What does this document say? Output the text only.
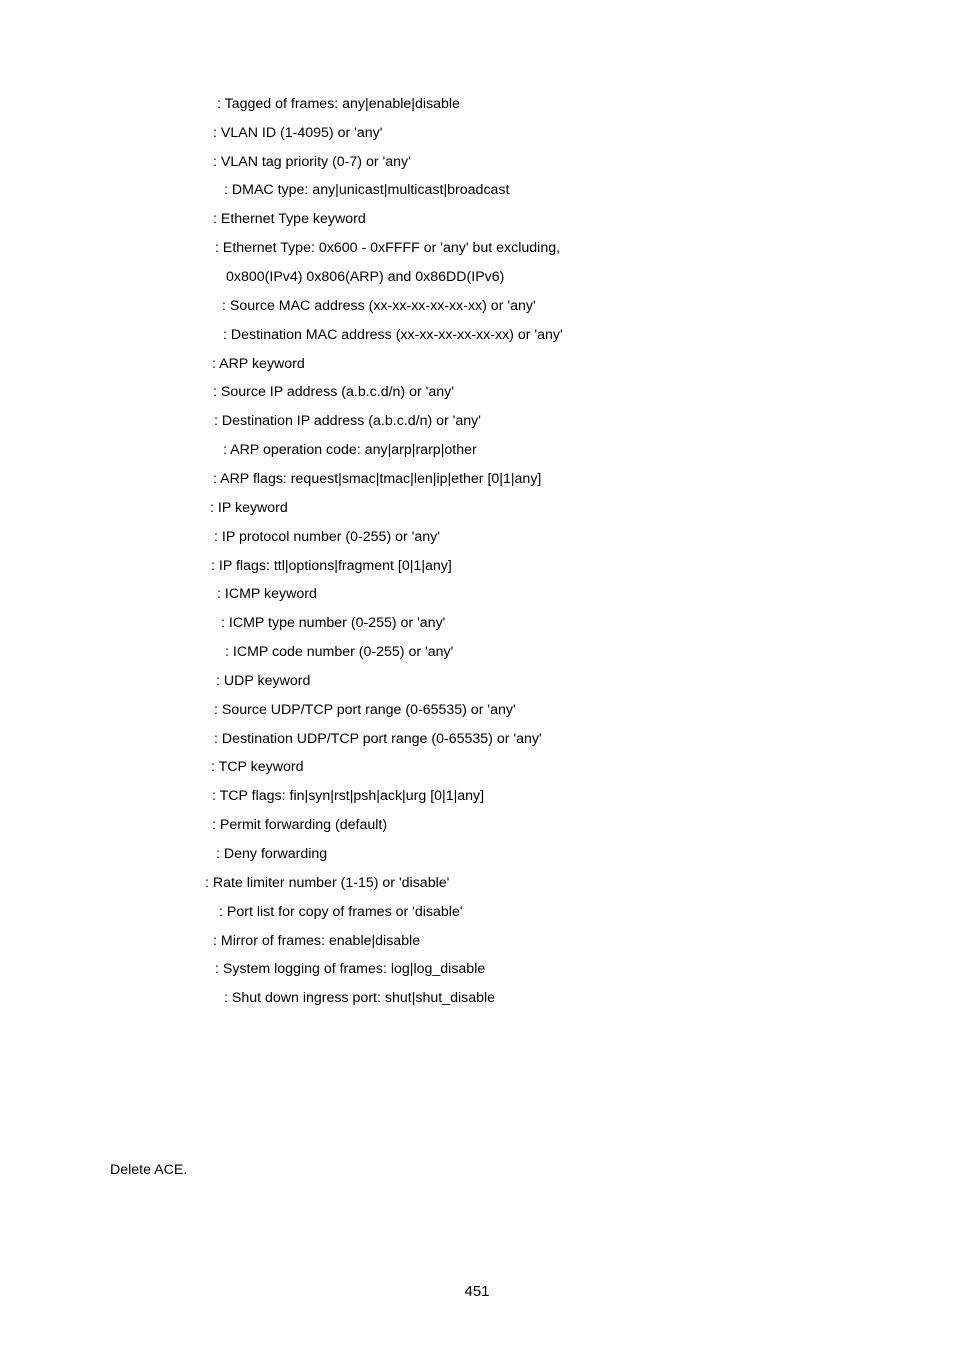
: Tagged of frames: any|enable|disable
: VLAN ID (1-4095) or 'any'
: VLAN tag priority (0-7) or 'any'
: DMAC type: any|unicast|multicast|broadcast
: Ethernet Type keyword
: Ethernet Type: 0x600 - 0xFFFF or 'any' but excluding,
0x800(IPv4) 0x806(ARP) and 0x86DD(IPv6)
: Source MAC address (xx-xx-xx-xx-xx-xx) or 'any'
: Destination MAC address (xx-xx-xx-xx-xx-xx) or 'any'
: ARP keyword
: Source IP address (a.b.c.d/n) or 'any'
: Destination IP address (a.b.c.d/n) or 'any'
: ARP operation code: any|arp|rarp|other
: ARP flags: request|smac|tmac|len|ip|ether [0|1|any]
: IP keyword
: IP protocol number (0-255) or 'any'
: IP flags: ttl|options|fragment [0|1|any]
: ICMP keyword
: ICMP type number (0-255) or 'any'
: ICMP code number (0-255) or 'any'
: UDP keyword
: Source UDP/TCP port range (0-65535) or 'any'
: Destination UDP/TCP port range (0-65535) or 'any'
: TCP keyword
: TCP flags: fin|syn|rst|psh|ack|urg [0|1|any]
: Permit forwarding (default)
: Deny forwarding
: Rate limiter number (1-15) or 'disable'
: Port list for copy of frames or 'disable'
: Mirror of frames: enable|disable
: System logging of frames: log|log_disable
: Shut down ingress port: shut|shut_disable
Delete ACE.
451
